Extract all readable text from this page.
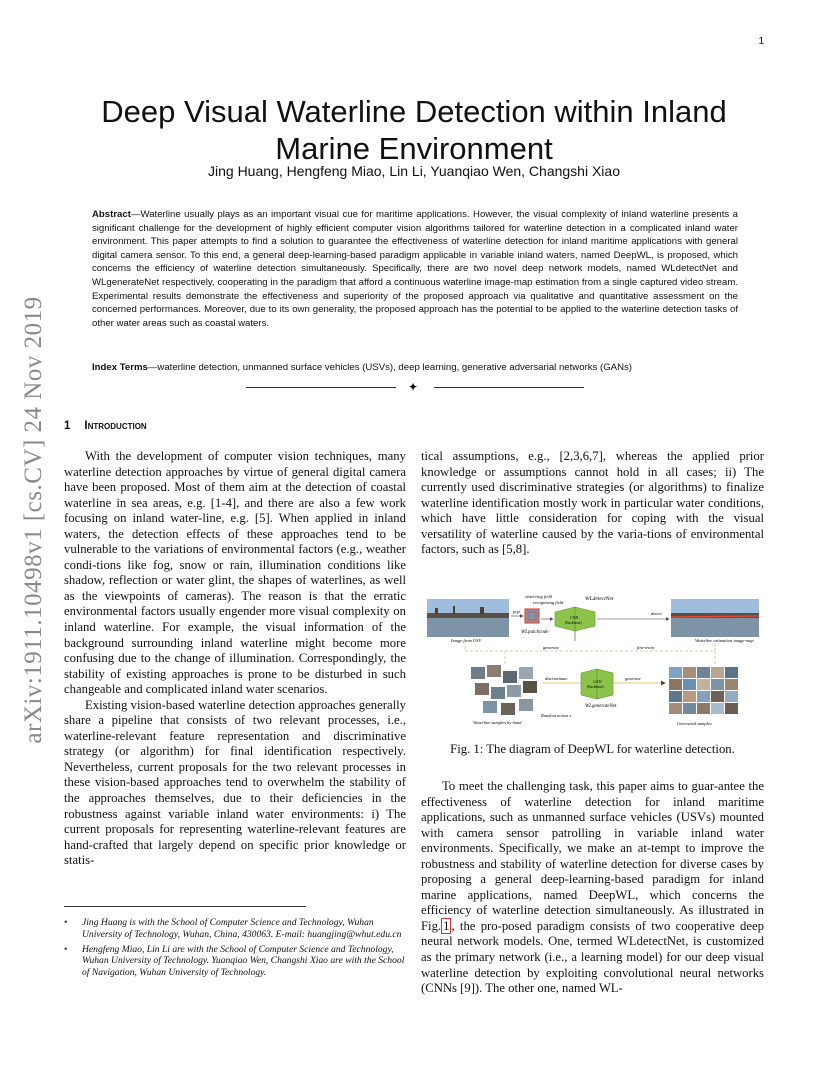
1
arXiv:1911.10498v1 [cs.CV] 24 Nov 2019
Deep Visual Waterline Detection within Inland Marine Environment
Jing Huang, Hengfeng Miao, Lin Li, Yuanqiao Wen, Changshi Xiao
Abstract—Waterline usually plays as an important visual cue for maritime applications. However, the visual complexity of inland waterline presents a significant challenge for the development of highly efficient computer vision algorithms tailored for waterline detection in a complicated inland water environment. This paper attempts to find a solution to guarantee the effectiveness of waterline detection for inland maritime applications with general digital camera sensor. To this end, a general deep-learning-based paradigm applicable in variable inland waters, named DeepWL, is proposed, which concerns the efficiency of waterline detection simultaneously. Specifically, there are two novel deep network models, named WLdetectNet and WLgenerateNet respectively, cooperating in the paradigm that afford a continuous waterline image-map estimation from a single captured video stream. Experimental results demonstrate the effectiveness and superiority of the proposed approach via qualitative and quantitative assessment on the concerned performances. Moreover, due to its own generality, the proposed approach has the potential to be applied to the waterline detection tasks of other water areas such as coastal waters.
Index Terms—waterline detection, unmanned surface vehicles (USVs), deep learning, generative adversarial networks (GANs)
✦
1 Introduction

With the development of computer vision techniques, many waterline detection approaches by virtue of general digital camera have been proposed. Most of them aim at the detection of coastal waterline in sea areas, e.g. [1-4], and there are also a few work focusing on inland water-line, e.g. [5]. When applied in inland waters, the detection effects of these approaches tend to be vulnerable to the variations of environmental factors (e.g., weather condi-tions like fog, snow or rain, illumination conditions like shadow, reflection or water glint, the shapes of waterlines, as well as the viewpoints of cameras). The reason is that the erratic environmental factors usually engender more visual complexity on inland waterline. For example, the visual information of the background surrounding inland waterline might become more confusing due to the change of illumination. Correspondingly, the stability of existing approaches is prone to be disturbed in such changeable and complicated inland water scenarios.

Existing vision-based waterline detection approaches generally share a pipeline that consists of two relevant processes, i.e., waterline-relevant feature representation and discriminative strategy (or algorithm) for final identification respectively. Nevertheless, current proposals for the two relevant processes in these vision-based approaches tend to overwhelm the stability of the approaches themselves, due to their deficiencies in the robustness against variable inland water environments: i) The current proposals for representing waterline-relevant features are hand-crafted that largely depend on specific prior knowledge or statis-

tical assumptions, e.g., [2,3,6,7], whereas the applied prior knowledge or assumptions cannot hold in all cases; ii) The currently used discriminative strategies (or algorithms) to finalize waterline identification mostly work in particular water conditions, which have little consideration for coping with the visual versatility of waterline caused by the varia-tions of environmental factors, such as [5,8].

observing field
recognizing field
WLdetectNet
pop	detect
CNN
(Backbone)
WLpatchcode
Image from USV	Waterline estimation image-map
generate	fine-train
discriminate
GAN
(Backbone)
generate
WLgenerateNet
Random noises z
Waterline samples by hand	Generated samples
Fig. 1: The diagram of DeepWL for waterline detection.

To meet the challenging task, this paper aims to guar-antee the effectiveness of waterline detection for inland maritime applications, such as unmanned surface vehicles (USVs) mounted with camera sensor patrolling in variable inland water environments. Specifically, we make an at-tempt to improve the robustness and stability of waterline detection for diverse cases by proposing a general deep-learning-based paradigm for inland marine applications, named DeepWL, which concerns the efficiency of waterline detection simultaneously. As illustrated in Fig. 1 , the pro-posed paradigm consists of two cooperative deep neural network models. One, termed WLdetectNet, is customized as the primary network (i.e., a learning model) for our deep visual waterline detection by exploiting convolutional neural networks (CNNs [9]). The other one, named WL-

• Jing Huang is with the School of Computer Science and Technology, Wuhan University of Technology, Wuhan, China, 430063. E-mail: huangjing@whut.edu.cn
• Hengfeng Miao, Lin Li are with the School of Computer Science and Technology, Wuhan University of Technology. Yuanqiao Wen, Changshi Xiao are with the School of Navigation, Wuhan University of Technology.
